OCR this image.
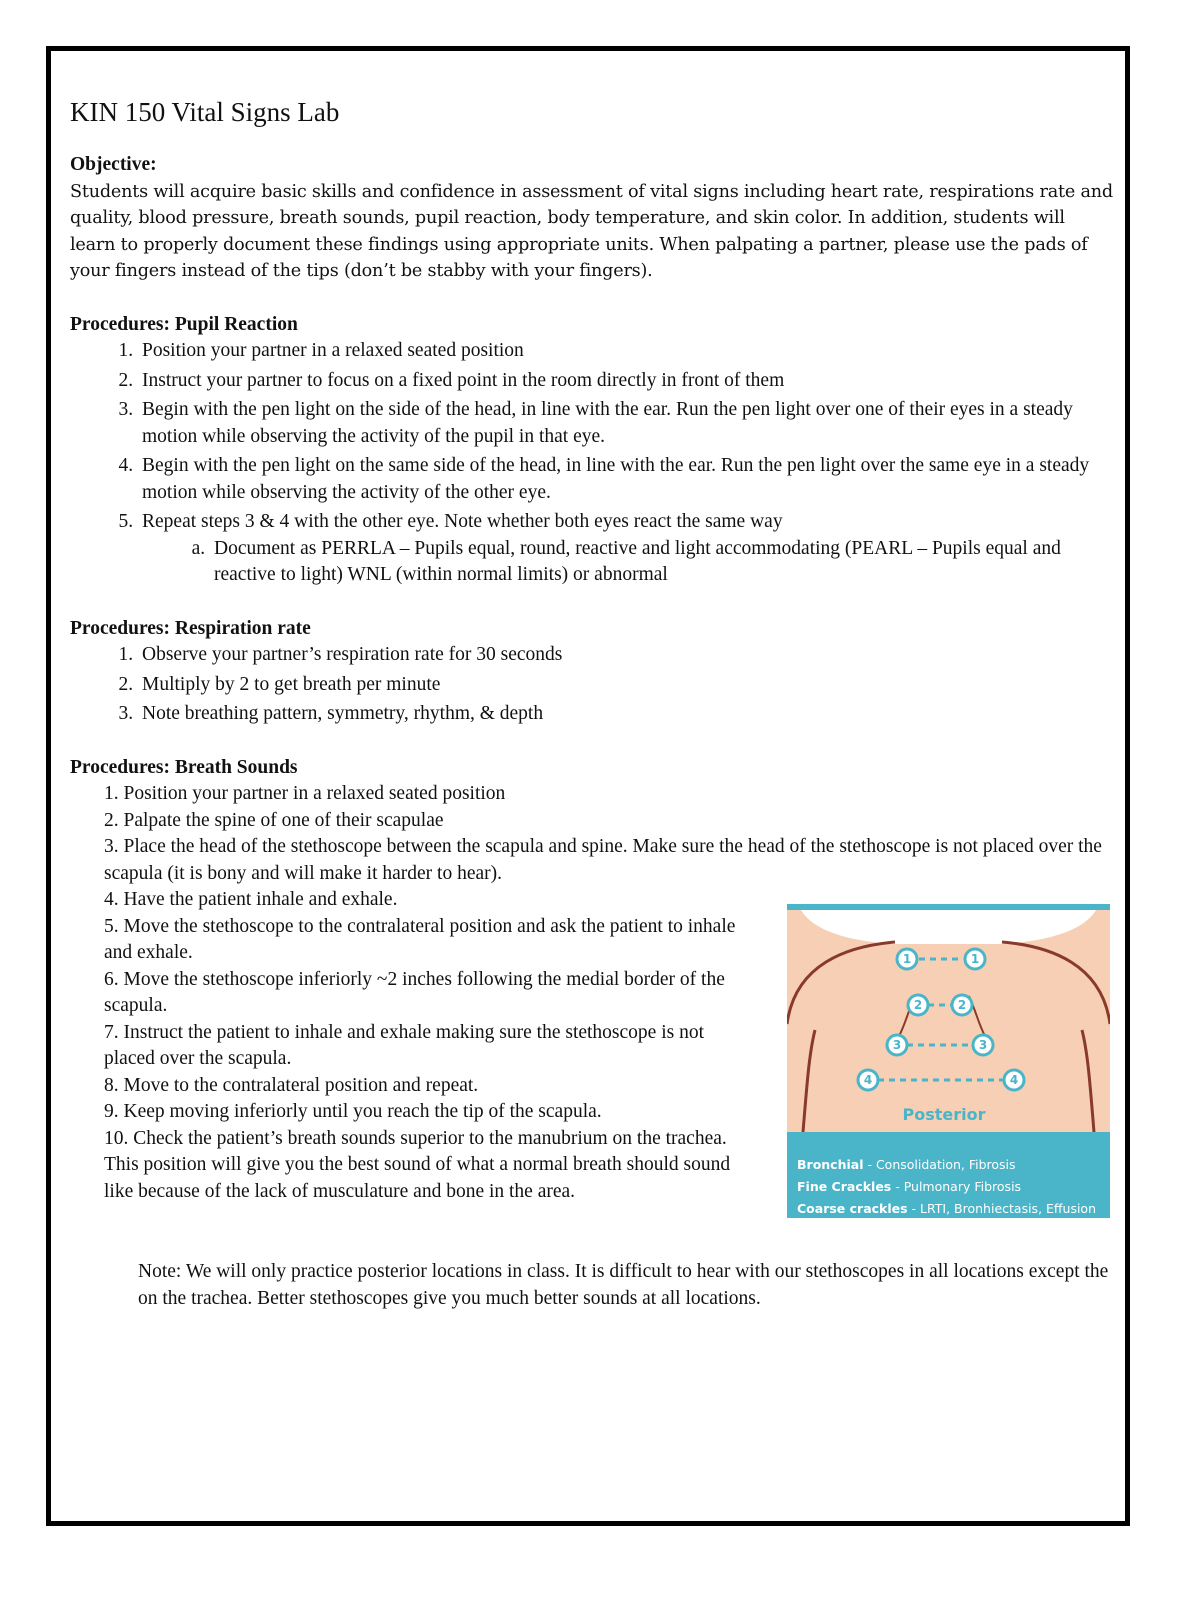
KIN 150 Vital Signs Lab

Objective:

Students will acquire basic skills and confidence in assessment of vital signs including heart rate, respirations rate and quality, blood pressure, breath sounds, pupil reaction, body temperature, and skin color. In addition, students will learn to properly document these findings using appropriate units. When palpating a partner, please use the pads of your fingers instead of the tips (don’t be stabby with your fingers).

Procedures: Pupil Reaction

1. Position your partner in a relaxed seated position
2. Instruct your partner to focus on a fixed point in the room directly in front of them
3. Begin with the pen light on the side of the head, in line with the ear. Run the pen light over one of their eyes in a steady motion while observing the activity of the pupil in that eye.
4. Begin with the pen light on the same side of the head, in line with the ear. Run the pen light over the same eye in a steady motion while observing the activity of the other eye.
5. Repeat steps 3 & 4 with the other eye. Note whether both eyes react the same way
a. Document as PERRLA – Pupils equal, round, reactive and light accommodating (PEARL – Pupils equal and reactive to light) WNL (within normal limits) or abnormal

Procedures: Respiration rate

1. Observe your partner’s respiration rate for 30 seconds
2. Multiply by 2 to get breath per minute
3. Note breathing pattern, symmetry, rhythm, & depth

Procedures: Breath Sounds

1. Position your partner in a relaxed seated position

2. Palpate the spine of one of their scapulae

3. Place the head of the stethoscope between the scapula and spine. Make sure the head of the stethoscope is not placed over the scapula (it is bony and will make it harder to hear).

4. Have the patient inhale and exhale.

5. Move the stethoscope to the contralateral position and ask the patient to inhale and exhale.

6. Move the stethoscope inferiorly ~2 inches following the medial border of the scapula.

7. Instruct the patient to inhale and exhale making sure the stethoscope is not placed over the scapula.

8. Move to the contralateral position and repeat.

9. Keep moving inferiorly until you reach the tip of the scapula.

10. Check the patient’s breath sounds superior to the manubrium on the trachea. This position will give you the best sound of what a normal breath should sound like because of the lack of musculature and bone in the area.

Note: We will only practice posterior locations in class. It is difficult to hear with our stethoscopes in all locations except the on the trachea. Better stethoscopes give you much better sounds at all locations.

1	1
2	2
3	3
4	4
Posterior
Bronchial - Consolidation, Fibrosis
Fine Crackles - Pulmonary Fibrosis
Coarse crackles - LRTI, Bronhiectasis, Effusion
